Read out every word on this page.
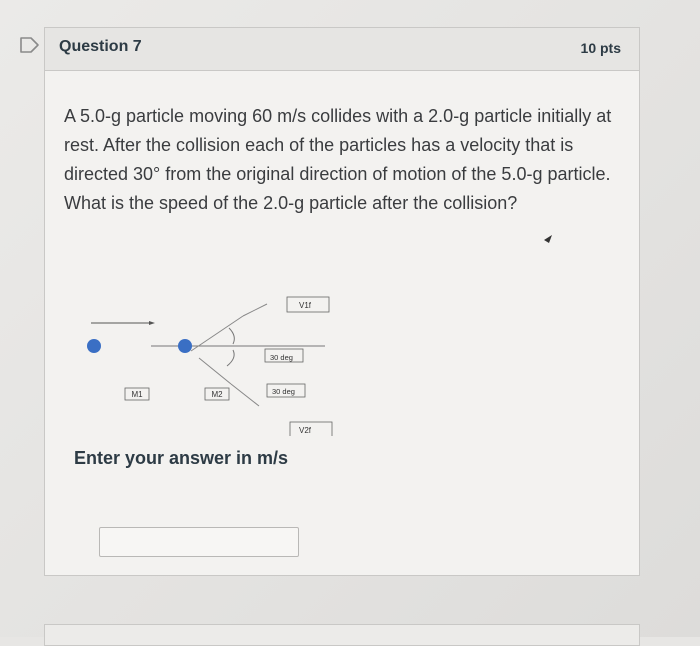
Question 7	10 pts
A 5.0-g particle moving 60 m/s collides with a 2.0-g particle initially at rest. After the collision each of the particles has a velocity that is directed 30° from the original direction of motion of the 5.0-g particle. What is the speed of the 2.0-g particle after the collision?
M1	M2
V1f
V2f
30 deg
30 deg
Enter your answer in m/s
